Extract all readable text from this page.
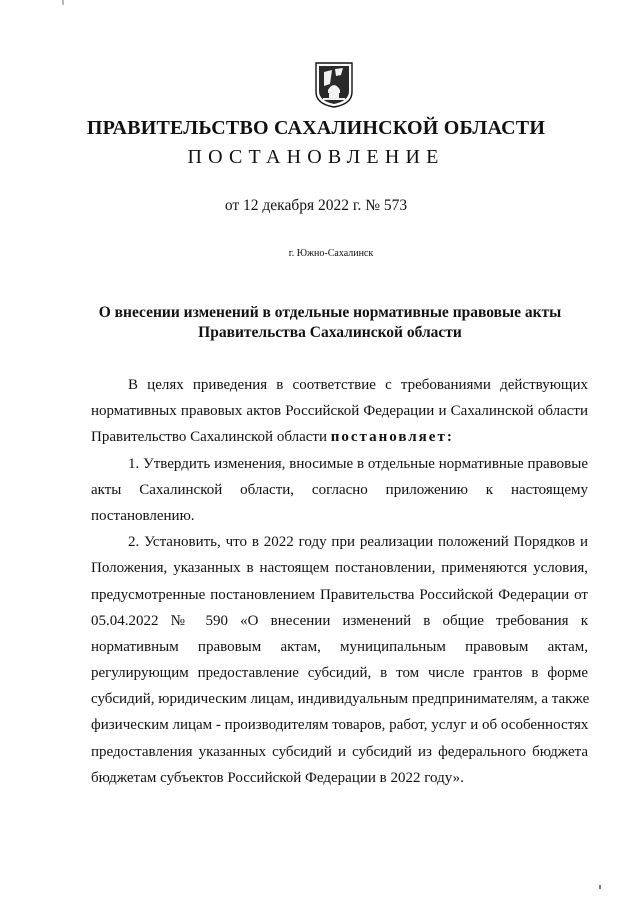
ПРАВИТЕЛЬСТВО САХАЛИНСКОЙ ОБЛАСТИ
ПОСТАНОВЛЕНИЕ
от 12 декабря 2022 г. № 573
г. Южно-Сахалинск
О внесении изменений в отдельные нормативные правовые акты
Правительства Сахалинской области
В целях приведения в соответствие с требованиями действующих
нормативных правовых актов Российской Федерации и Сахалинской области
Правительство Сахалинской области постановляет:
1. Утвердить изменения, вносимые в отдельные нормативные правовые
акты Сахалинской области, согласно приложению к настоящему
постановлению.
2. Установить, что в 2022 году при реализации положений Порядков и
Положения, указанных в настоящем постановлении, применяются условия,
предусмотренные постановлением Правительства Российской Федерации от
05.04.2022 № 590 «О внесении изменений в общие требования к
нормативным правовым актам, муниципальным правовым актам,
регулирующим предоставление субсидий, в том числе грантов в форме
субсидий, юридическим лицам, индивидуальным предпринимателям, а также
физическим лицам - производителям товаров, работ, услуг и об особенностях
предоставления указанных субсидий и субсидий из федерального бюджета
бюджетам субъектов Российской Федерации в 2022 году».
